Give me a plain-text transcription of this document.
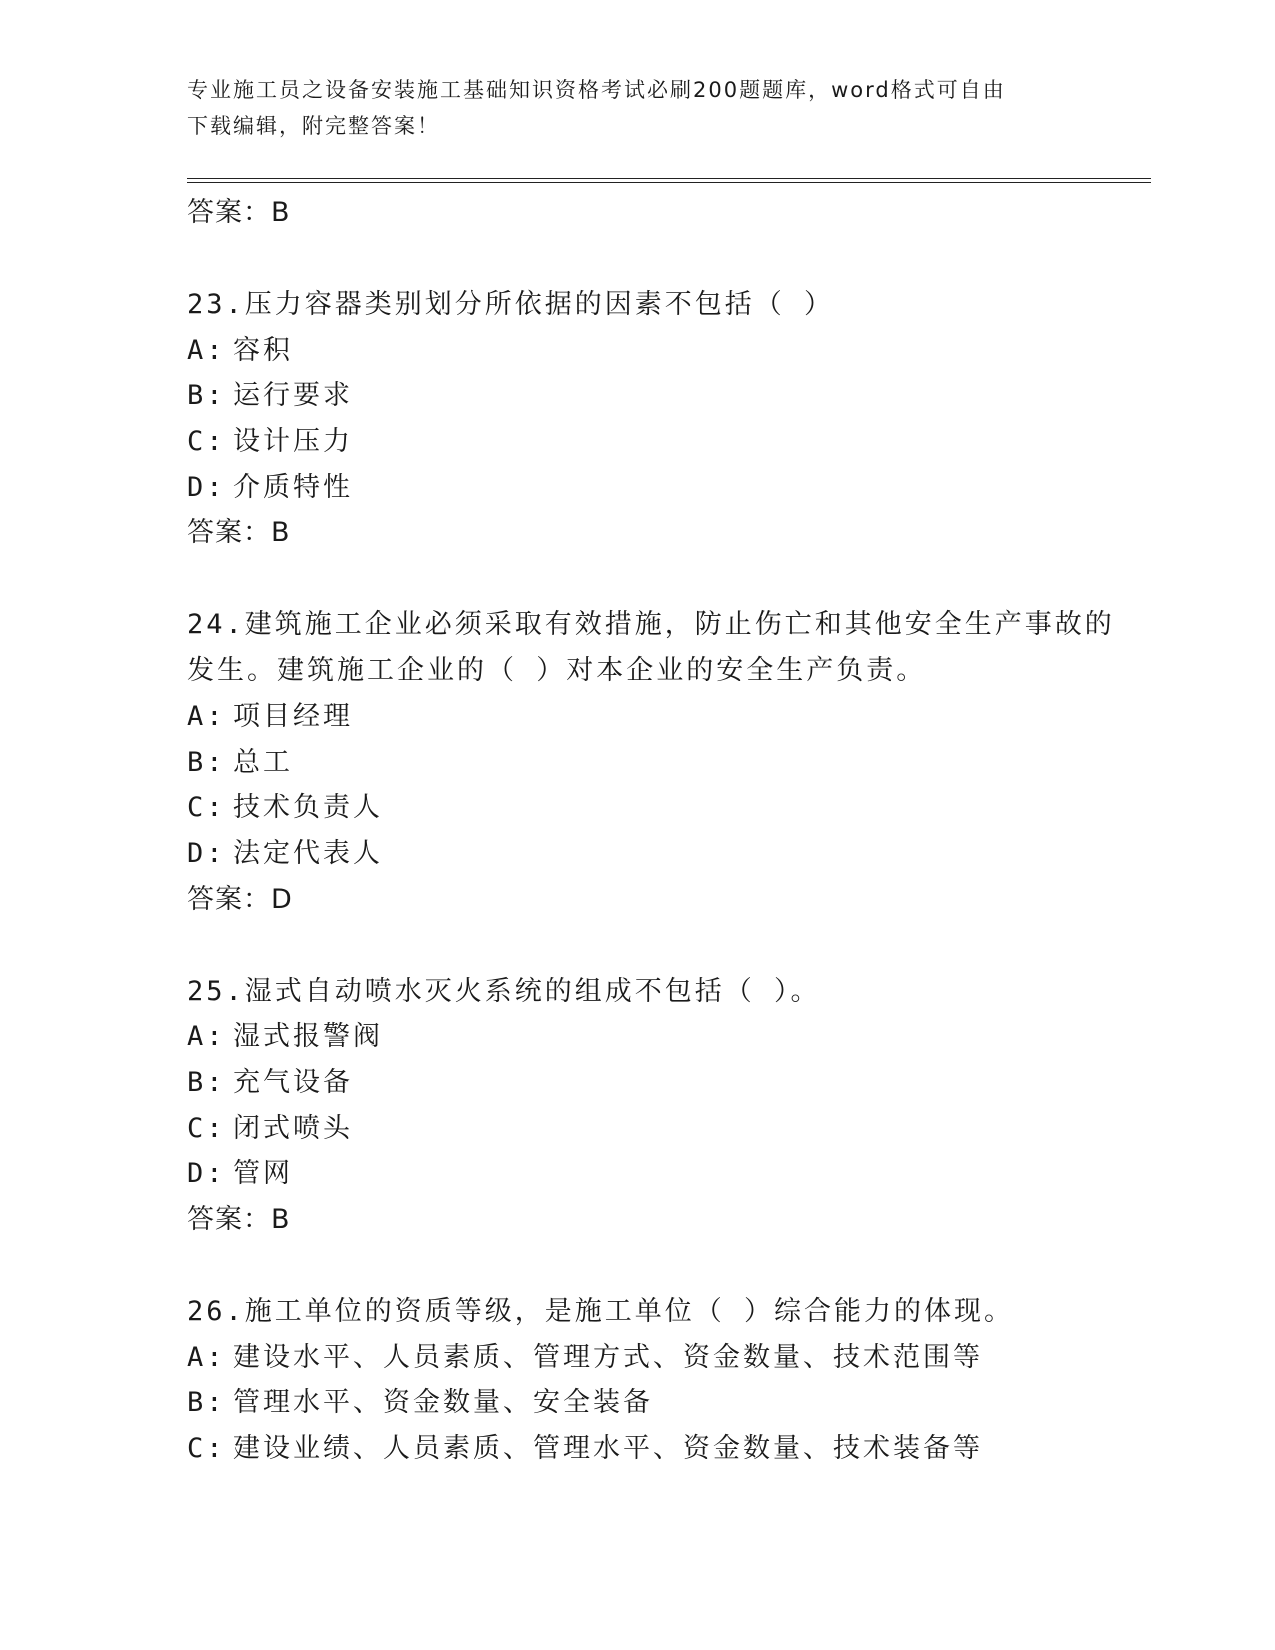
专业施工员之设备安装施工基础知识资格考试必刷200题题库，word格式可自由
下载编辑，附完整答案！
答案：B
23.压力容器类别划分所依据的因素不包括（ ）
A: 容积
B: 运行要求
C: 设计压力
D: 介质特性
答案：B
24.建筑施工企业必须采取有效措施，防止伤亡和其他安全生产事故的
发生。建筑施工企业的（ ）对本企业的安全生产负责。
A: 项目经理
B: 总工
C: 技术负责人
D: 法定代表人
答案：D
25.湿式自动喷水灭火系统的组成不包括（ ）。
A: 湿式报警阀
B: 充气设备
C: 闭式喷头
D: 管网
答案：B
26.施工单位的资质等级，是施工单位（ ）综合能力的体现。
A: 建设水平、人员素质、管理方式、资金数量、技术范围等
B: 管理水平、资金数量、安全装备
C: 建设业绩、人员素质、管理水平、资金数量、技术装备等
